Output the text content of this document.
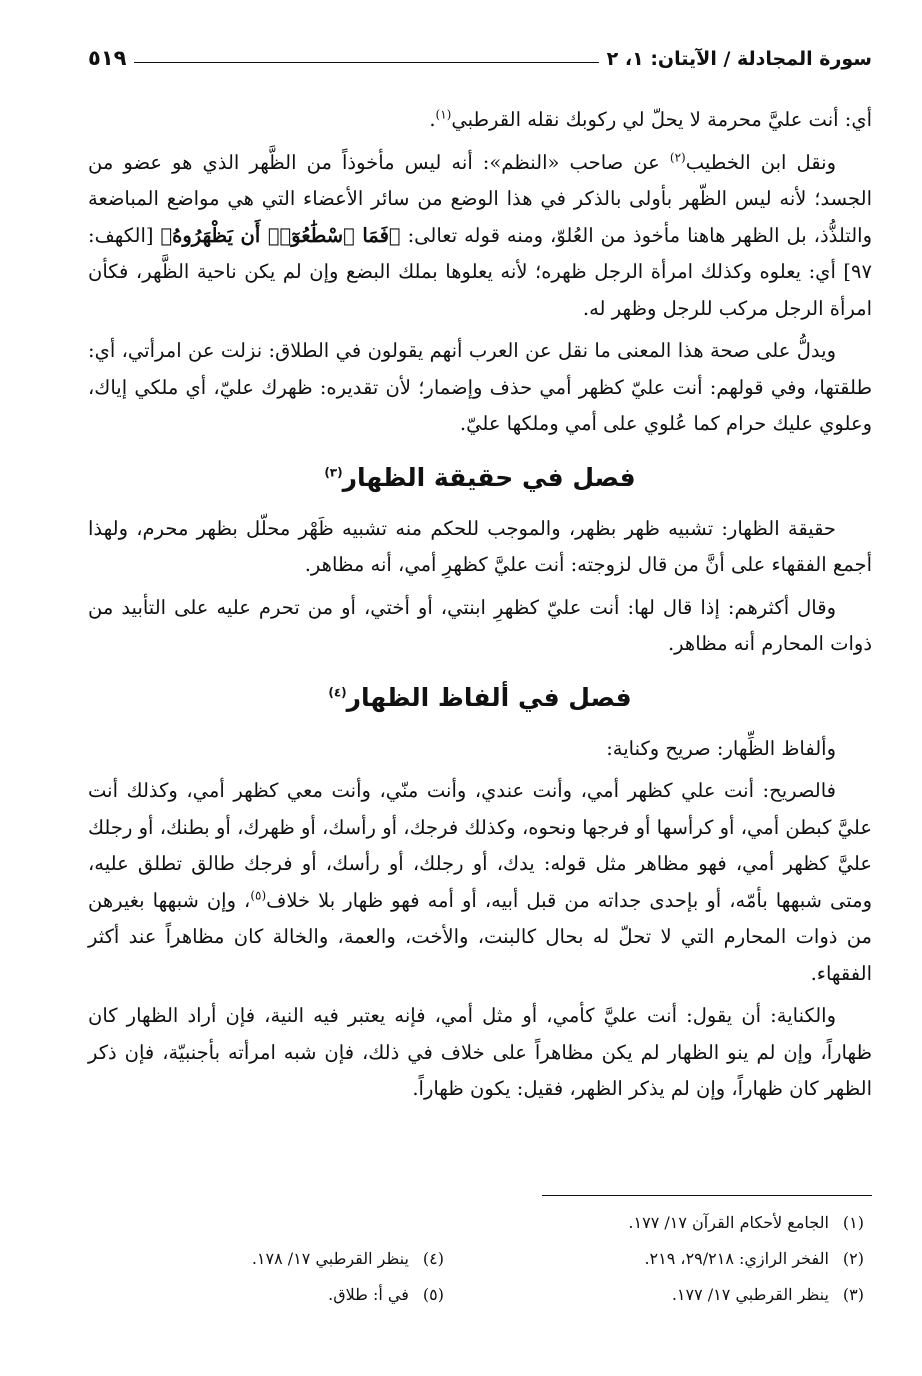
سورة المجادلة / الآيتان: ١، ٢
٥١٩

أي: أنت عليَّ محرمة لا يحلّ لي ركوبك نقله القرطبي$^{(١)}$.

ونقل ابن الخطيب$^{(٢)}$ عن صاحب «النظم»: أنه ليس مأخوذاً من الظَّهر الذي هو عضو من الجسد؛ لأنه ليس الظّهر بأولى بالذكر في هذا الوضع من سائر الأعضاء التي هي مواضع المباضعة والتلذُّذ، بل الظهر هاهنا مأخوذ من العُلوّ، ومنه قوله تعالى: ﴿فَمَا ٱسْطَٰعُوٓا۟ أَن يَظْهَرُوهُ﴾ [الكهف: ٩٧] أي: يعلوه وكذلك امرأة الرجل ظهره؛ لأنه يعلوها بملك البضع وإن لم يكن ناحية الظَّهر، فكأن امرأة الرجل مركب للرجل وظهر له.

ويدلُّ على صحة هذا المعنى ما نقل عن العرب أنهم يقولون في الطلاق: نزلت عن امرأتي، أي: طلقتها، وفي قولهم: أنت عليّ كظهر أمي حذف وإضمار؛ لأن تقديره: ظهرك عليّ، أي ملكي إياك، وعلوي عليك حرام كما عُلوي على أمي وملكها عليّ.

فصل في حقيقة الظهار$^{(٣)}$

حقيقة الظهار: تشبيه ظهر بظهر، والموجب للحكم منه تشبيه ظَهْر محلّل بظهر محرم، ولهذا أجمع الفقهاء على أنَّ من قال لزوجته: أنت عليَّ كظهرِ أمي، أنه مظاهر.

وقال أكثرهم: إذا قال لها: أنت عليّ كظهرِ ابنتي، أو أختي، أو من تحرم عليه على التأبيد من ذوات المحارم أنه مظاهر.

فصل في ألفاظ الظهار$^{(٤)}$

وألفاظ الظِّهار: صريح وكناية:

فالصريح: أنت علي كظهر أمي، وأنت عندي، وأنت منّي، وأنت معي كظهر أمي، وكذلك أنت عليَّ كبطن أمي، أو كرأسها أو فرجها ونحوه، وكذلك فرجك، أو رأسك، أو ظهرك، أو بطنك، أو رجلك عليَّ كظهر أمي، فهو مظاهر مثل قوله: يدك، أو رجلك، أو رأسك، أو فرجك طالق تطلق عليه، ومتى شبهها بأمّه، أو بإحدى جداته من قبل أبيه، أو أمه فهو ظهار بلا خلاف$^{(٥)}$، وإن شبهها بغيرهن من ذوات المحارم التي لا تحلّ له بحال كالبنت، والأخت، والعمة، والخالة كان مظاهراً عند أكثر الفقهاء.

والكناية: أن يقول: أنت عليَّ كأمي، أو مثل أمي، فإنه يعتبر فيه النية، فإن أراد الظهار كان ظهاراً، وإن لم ينو الظهار لم يكن مظاهراً على خلاف في ذلك، فإن شبه امرأته بأجنبيّة، فإن ذكر الظهر كان ظهاراً، وإن لم يذكر الظهر، فقيل: يكون ظهاراً.

(١) الجامع لأحكام القرآن ١٧/ ١٧٧.
(٢) الفخر الرازي: ٢٩/٢١٨، ٢١٩.
(٤) ينظر القرطبي ١٧/ ١٧٨.
(٣) ينظر القرطبي ١٧/ ١٧٧.
(٥) في أ: طلاق.
